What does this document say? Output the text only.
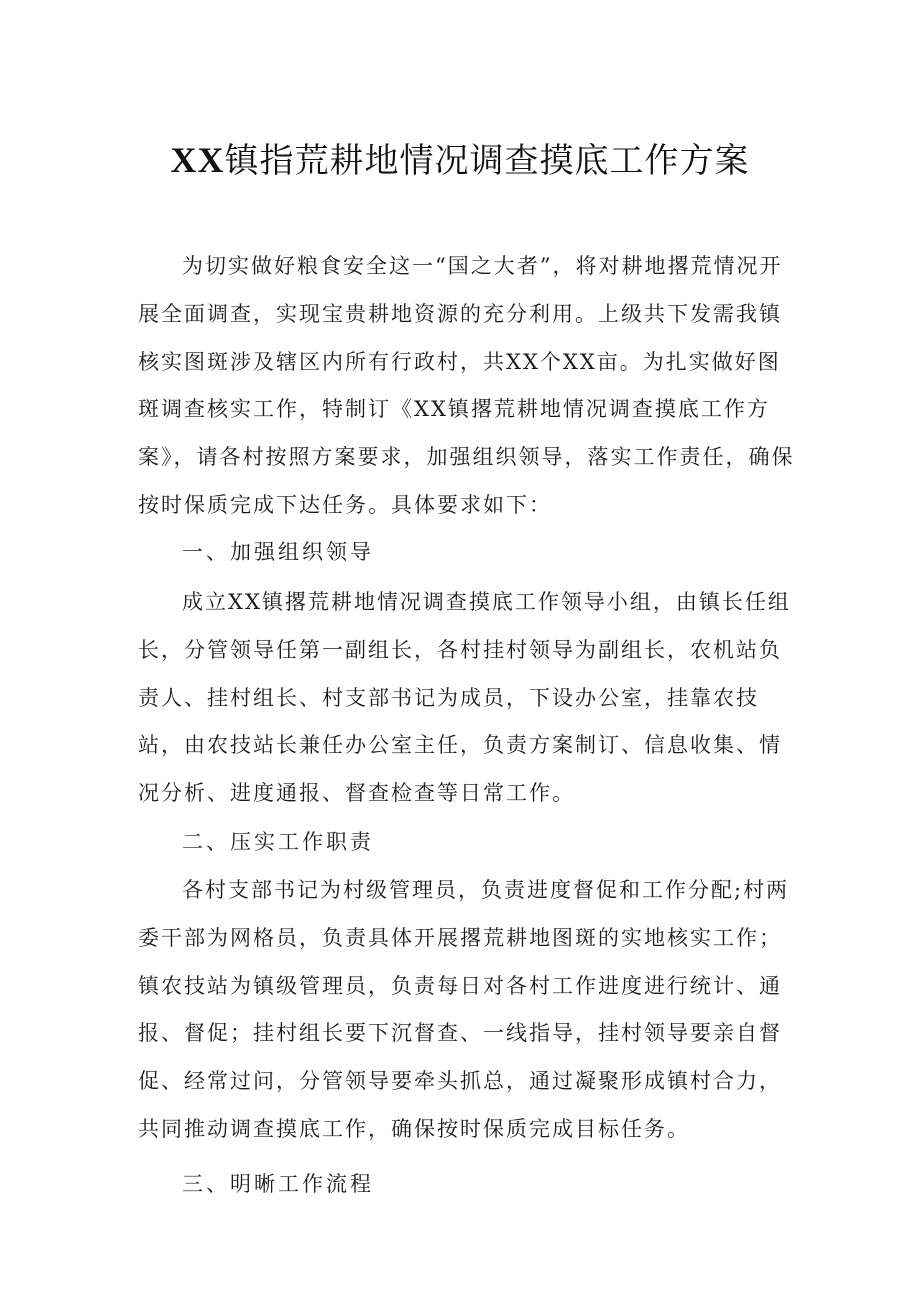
XX镇指荒耕地情况调查摸底工作方案

为切实做好粮食安全这一“国之大者”，将对耕地撂荒情况开展全面调查，实现宝贵耕地资源的充分利用。上级共下发需我镇核实图斑涉及辖区内所有行政村，共XX个XX亩。为扎实做好图斑调查核实工作，特制订《XX镇撂荒耕地情况调查摸底工作方案》，请各村按照方案要求，加强组织领导，落实工作责任，确保按时保质完成下达任务。具体要求如下：

一、加强组织领导

成立XX镇撂荒耕地情况调查摸底工作领导小组，由镇长任组长，分管领导任第一副组长，各村挂村领导为副组长，农机站负责人、挂村组长、村支部书记为成员，下设办公室，挂靠农技站，由农技站长兼任办公室主任，负责方案制订、信息收集、情况分析、进度通报、督查检查等日常工作。

二、压实工作职责

各村支部书记为村级管理员，负责进度督促和工作分配;村两委干部为网格员，负责具体开展撂荒耕地图斑的实地核实工作；镇农技站为镇级管理员，负责每日对各村工作进度进行统计、通报、督促；挂村组长要下沉督查、一线指导，挂村领导要亲自督促、经常过问，分管领导要牵头抓总，通过凝聚形成镇村合力，共同推动调查摸底工作，确保按时保质完成目标任务。

三、明晰工作流程
